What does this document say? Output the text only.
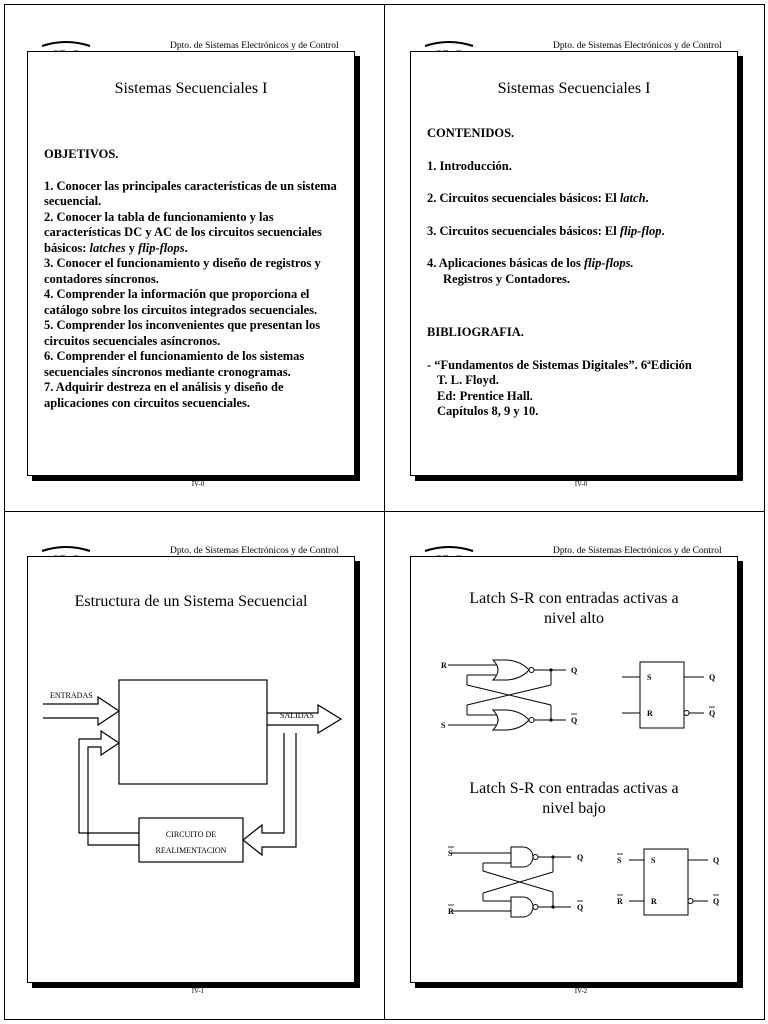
Dpto. de Sistemas Electrónicos y de Control
Sistemas Secuenciales I

OBJETIVOS.

1. Conocer las principales características de un sistema secuencial.

2. Conocer la tabla de funcionamiento y las características DC y AC de los circuitos secuenciales básicos: latches y flip-flops.

3. Conocer el funcionamiento y diseño de registros y contadores síncronos.

4. Comprender la información que proporciona el catálogo sobre los circuitos integrados secuenciales.

5. Comprender los inconvenientes que presentan los circuitos secuenciales asíncronos.

6. Comprender el funcionamiento de los sistemas secuenciales síncronos mediante cronogramas.

7. Adquirir destreza en el análisis y diseño de aplicaciones con circuitos secuenciales.

IV-0
Dpto. de Sistemas Electrónicos y de Control
Sistemas Secuenciales I

CONTENIDOS.

1. Introducción.

2. Circuitos secuenciales básicos: El latch.

3. Circuitos secuenciales básicos: El flip-flop.

4. Aplicaciones básicas de los flip-flops.

Registros y Contadores.

BIBLIOGRAFIA.

- “Fundamentos de Sistemas Digitales”. 6ªEdición

T. L. Floyd.

Ed: Prentice Hall.

Capítulos 8, 9 y 10.

IV-0
Dpto. de Sistemas Electrónicos y de Control
Estructura de un Sistema Secuencial
CIRCUITO DE
REALIMENTACION
ENTRADAS
SALIDAS
IV-1
Dpto. de Sistemas Electrónicos y de Control
Latch S-R con entradas activas a
nivel alto
Latch S-R con entradas activas a
nivel bajo
R
S
Q
Q
S
R
Q
Q
S
R
Q
Q
S
R
S
R
Q
Q
IV-2
